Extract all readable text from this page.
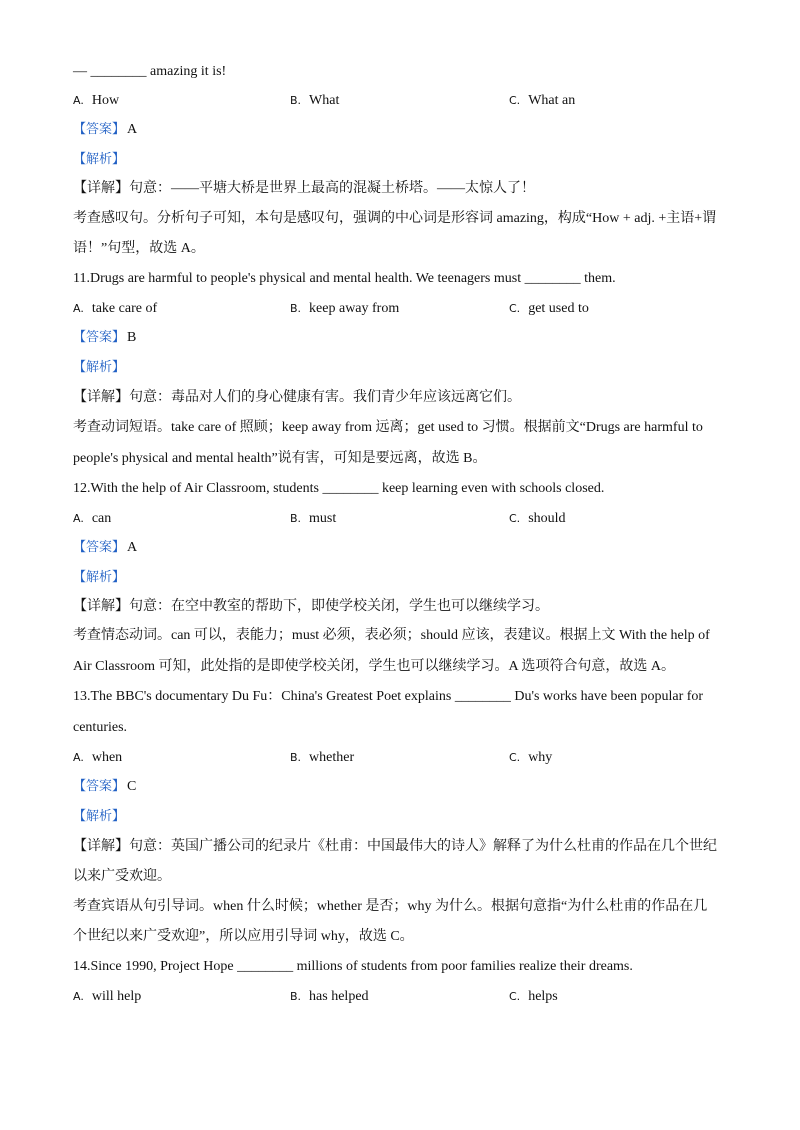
— ________ amazing it is!
A. How	B. What	C. What an
【答案】 A
【解析】
【详解】句意：——平塘大桥是世界上最高的混凝土桥塔。——太惊人了！
考查感叹句。分析句子可知，本句是感叹句，强调的中心词是形容词 amazing，构成“How + adj. +主语+谓
语！”句型，故选 A。
11.Drugs are harmful to people's physical and mental health. We teenagers must ________ them.
A. take care of	B. keep away from	C. get used to
【答案】 B
【解析】
【详解】句意：毒品对人们的身心健康有害。我们青少年应该远离它们。
考查动词短语。take care of 照顾；keep away from 远离；get used to 习惯。根据前文“Drugs are harmful to
people's physical and mental health”说有害，可知是要远离，故选 B。
12.With the help of Air Classroom, students ________ keep learning even with schools closed.
A. can	B. must	C. should
【答案】 A
【解析】
【详解】句意：在空中教室的帮助下，即使学校关闭，学生也可以继续学习。
考查情态动词。can 可以，表能力；must 必须，表必须；should 应该，表建议。根据上文 With the help of
Air Classroom 可知，此处指的是即使学校关闭，学生也可以继续学习。A 选项符合句意，故选 A。
13.The BBC's documentary Du Fu：China's Greatest Poet explains ________ Du's works have been popular for
centuries.
A. when	B. whether	C. why
【答案】 C
【解析】
【详解】句意：英国广播公司的纪录片《杜甫：中国最伟大的诗人》解释了为什么杜甫的作品在几个世纪
以来广受欢迎。
考查宾语从句引导词。when 什么时候；whether 是否；why 为什么。根据句意指“为什么杜甫的作品在几
个世纪以来广受欢迎”，所以应用引导词 why，故选 C。
14.Since 1990, Project Hope ________ millions of students from poor families realize their dreams.
A. will help	B. has helped	C. helps
